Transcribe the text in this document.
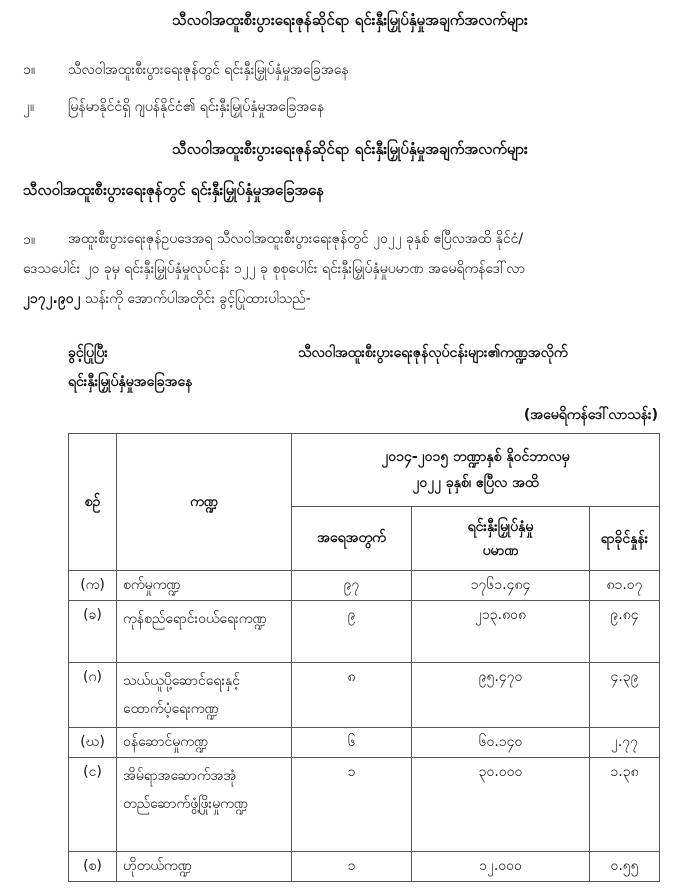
သီလဝါအထူးစီးပွားရေးဇုန်ဆိုင်ရာ ရင်းနှီးမြှုပ်နှံမှုအချက်အလက်များ
၁။ သီလဝါအထူးစီးပွားရေးဇုန်တွင် ရင်းနှီးမြှုပ်နှံမှုအခြေအနေ
၂။ မြန်မာနိုင်ငံရှိ ဂျပန်နိုင်ငံ၏ ရင်းနှီးမြှုပ်နှံမှုအခြေအနေ
သီလဝါအထူးစီးပွားရေးဇုန်ဆိုင်ရာ ရင်းနှီးမြှုပ်နှံမှုအချက်အလက်များ
သီလဝါအထူးစီးပွားရေးဇုန်တွင် ရင်းနှီးမြှုပ်နှံမှုအခြေအနေ
၁။ အထူးစီးပွားရေးဇုန်ဥပဒေအရ သီလဝါအထူးစီးပွားရေးဇုန်တွင် ၂၀၂၂ ခုနှစ် ဧပြီလအထိ နိုင်ငံ/
ဒေသပေါင်း ၂၀ ခုမှ ရင်းနှီးမြှုပ်နှံမှုလုပ်ငန်း ၁၂၂ ခု စုစုပေါင်း ရင်းနှီးမြှုပ်နှံမှုပမာဏ အမေရိကန်ဒေါ်လာ
၂၁၇၂.၉၀၂ သန်းကို အောက်ပါအတိုင်း ခွင့်ပြုထားပါသည်-
ခွင့်ပြုပြီး
ရင်းနှီးမြှုပ်နှံမှုအခြေအနေ
သီလဝါအထူးစီးပွားရေးဇုန်လုပ်ငန်းများ၏ကဏ္ဍအလိုက်
(အမေရိကန်ဒေါ်လာသန်း)
စဉ်	ကဏ္ဍ	၂၀၁၄-၂၀၁၅ ဘဏ္ဍာနှစ် နိုဝင်ဘာလမှ
၂၀၂၂ ခုနှစ်၊ ဧပြီလ အထိ		

		အရေအတွက်	ရင်းနှီးမြှုပ်နှံမှု
ပမာဏ	ရာခိုင်နှုန်း
(က)	စက်မှုကဏ္ဍ	၉၇	၁၇၆၁.၄၈၄	၈၁.၀၇
(ခ)	ကုန်စည်ရောင်းဝယ်ရေးကဏ္ဍ	၉	၂၁၃.၈၀၈	၉.၈၄
(ဂ)	သယ်ယူပို့ဆောင်ရေးနှင့်ထောက်ပံ့ရေးကဏ္ဍ	၈	၉၅.၄၇၀	၄.၃၉
(ဃ)	ဝန်ဆောင်မှုကဏ္ဍ	၆	၆၀.၁၄၀	၂.၇၇
(င)	အိမ်ရာအဆောက်အအုံတည်ဆောက်ဖွံ့ဖြိုးမှုကဏ္ဍ	၁	၃၀.၀၀၀	၁.၃၈
(စ)	ဟိုတယ်ကဏ္ဍ	၁	၁၂.၀၀၀	၀.၅၅
